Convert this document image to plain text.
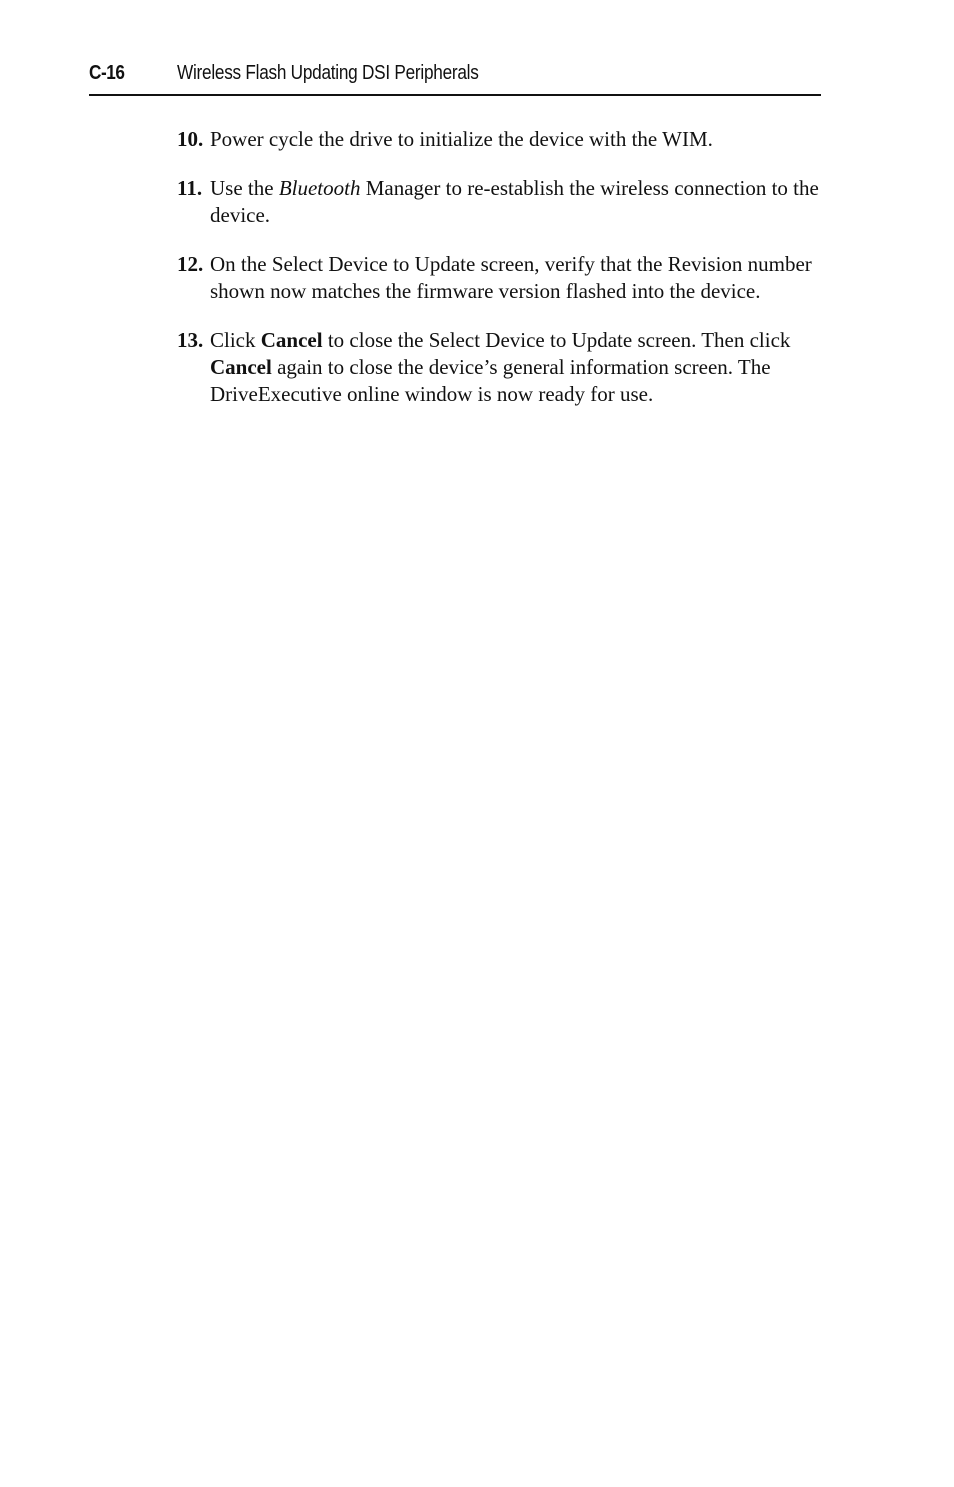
C-16	Wireless Flash Updating DSI Peripherals
10. Power cycle the drive to initialize the device with the WIM.
11. Use the Bluetooth Manager to re-establish the wireless connection to the device.
12. On the Select Device to Update screen, verify that the Revision number shown now matches the firmware version flashed into the device.
13. Click Cancel to close the Select Device to Update screen. Then click Cancel again to close the device’s general information screen. The DriveExecutive online window is now ready for use.
